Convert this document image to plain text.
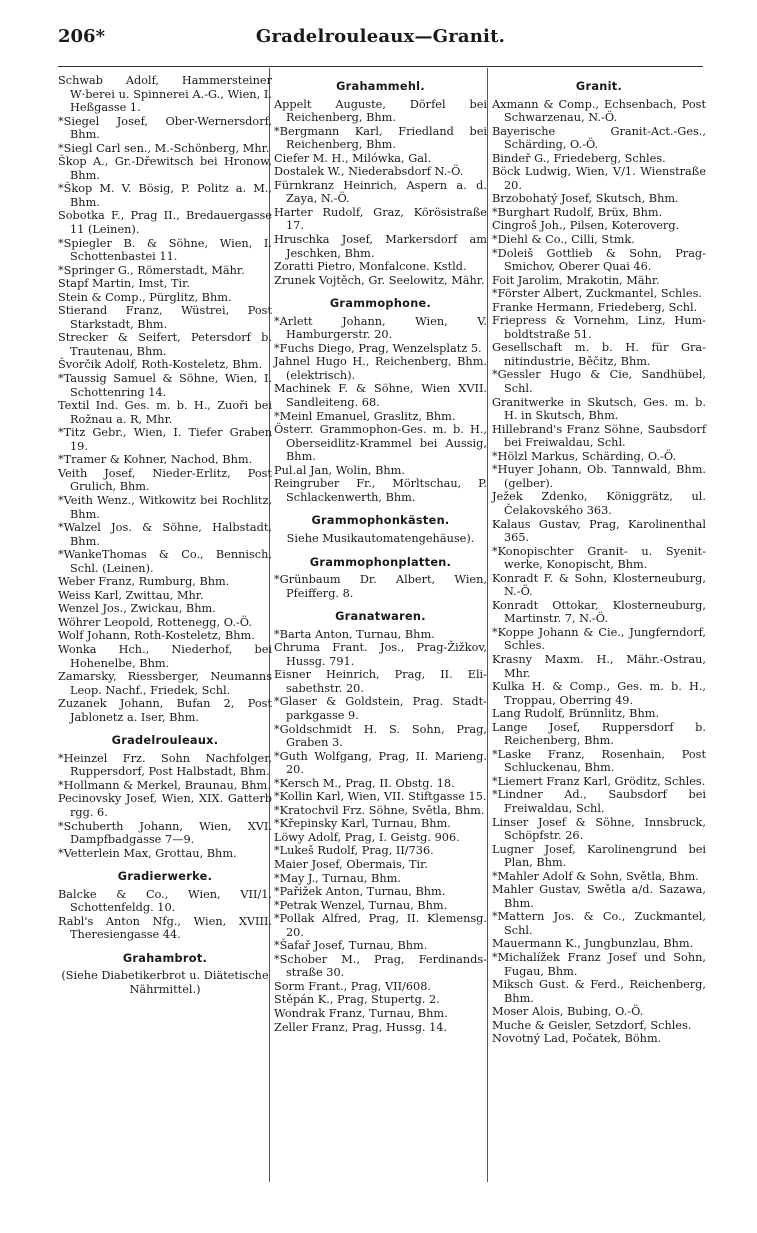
206*	Gradelrouleaux—Granit.

Schwab Adolf, Hammersteiner W·berei u. Spinnerei A.-G., Wien, I. Heßgasse 1.

*Siegel Josef, Ober-Wernersdorf, Bhm.

*Siegl Carl sen., M.-Schönberg, Mhr.

Škop A., Gr.-Dřewitsch bei Hronow, Bhm.

*Škop M. V. Bösig, P. Politz a. M., Bhm.

Sobotka F., Prag II., Bredauergasse 11 (Leinen).

*Spiegler B. & Söhne, Wien, I. Schottenbastei 11.

*Springer G., Römerstadt, Mähr.

Stapf Martin, Imst, Tir.

Stein & Comp., Pürglitz, Bhm.

Stierand Franz, Wüstrei, Post Starkstadt, Bhm.

Strecker & Seifert, Petersdorf b. Trautenau, Bhm.

Švorčik Adolf, Roth-Kosteletz, Bhm.

*Taussig Samuel & Söhne, Wien, I. Schottenring 14.

Textil Ind. Ges. m. b. H., Zuoři bei Rožnau a. R, Mhr.

*Titz Gebr., Wien, I. Tiefer Graben 19.

*Tramer & Kohner, Nachod, Bhm.

Veith Josef, Nieder-Erlitz, Post Grulich, Bhm.

*Veith Wenz., Witkowitz bei Rochlitz, Bhm.

*Walzel Jos. & Söhne, Halbstadt, Bhm.

*WankeThomas & Co., Bennisch, Schl. (Leinen).

Weber Franz, Rumburg, Bhm.

Weiss Karl, Zwittau, Mhr.

Wenzel Jos., Zwickau, Bhm.

Wöhrer Leopold, Rottenegg, O.-Ö.

Wolf Johann, Roth-Kosteletz, Bhm.

Wonka Hch., Niederhof, bei Hohenelbe, Bhm.

Zamarsky, Riessberger, Neumanns Leop. Nachf., Friedek, Schl.

Zuzanek Johann, Bufan 2, Post Jablonetz a. Iser, Bhm.

Gradelrouleaux.

*Heinzel Frz. Sohn Nachfolger, Ruppersdorf, Post Halbstadt, Bhm.

*Hollmann & Merkel, Braunau, Bhm.

Pecinovsky Josef, Wien, XIX. Gatterb rgg. 6.

*Schuberth Johann, Wien, XVI. Dampfbadgasse 7—9.

*Vetterlein Max, Grottau, Bhm.

Gradierwerke.

Balcke & Co., Wien, VII/1. Schottenfeldg. 10.

Rabl's Anton Nfg., Wien, XVIII. Theresiengasse 44.

Grahambrot.

(Siehe Diabetikerbrot u. Diätetische Nährmittel.)

Grahammehl.

Appelt Auguste, Dörfel bei Reichenberg, Bhm.

*Bergmann Karl, Friedland bei Reichenberg, Bhm.

Ciefer M. H., Milówka, Gal.

Dostalek W., Niederabsdorf N.-Ö.

Fürnkranz Heinrich, Aspern a. d. Zaya, N.-Ö.

Harter Rudolf, Graz, Körösistraße 17.

Hruschka Josef, Markersdorf am Jeschken, Bhm.

Zoratti Pietro, Monfalcone. Kstld.

Zrunek Vojtěch, Gr. Seelowitz, Mähr.

Grammophone.

*Arlett Johann, Wien, V. Hamburgerstr. 20.

*Fuchs Diego, Prag, Wenzelsplatz 5.

Jahnel Hugo H., Reichenberg, Bhm. (elektrisch).

Machinek F. & Söhne, Wien XVII. Sandleiteng. 68.

*Meinl Emanuel, Graslitz, Bhm.

Österr. Grammophon-Ges. m. b. H., Oberseidlitz-Krammel bei Aussig, Bhm.

Pul.al Jan, Wolin, Bhm.

Reingruber Fr., Mörltschau, P. Schlackenwerth, Bhm.

Grammophonkästen.

Siehe Musikautomatengehäuse).

Grammophonplatten.

*Grünbaum Dr. Albert, Wien, Pfeifferg. 8.

Granatwaren.

*Barta Anton, Turnau, Bhm.

Chruma Frant. Jos., Prag-Žižkov, Hussg. 791.

Eisner Heinrich, Prag, II. Elisabethstr. 20.

*Glaser & Goldstein, Prag. Stadtparkgasse 9.

*Goldschmidt H. S. Sohn, Prag, Graben 3.

*Guth Wolfgang, Prag, II. Marieng. 20.

*Kersch M., Prag, II. Obstg. 18.

*Kollin Karl, Wien, VII. Stiftgasse 15.

*Kratochvil Frz. Söhne, Světla, Bhm.

*Křepinsky Karl, Turnau, Bhm.

Löwy Adolf, Prag, I. Geistg. 906.

*Lukeš Rudolf, Prag, II/736.

Maier Josef, Obermais, Tir.

*May J., Turnau, Bhm.

*Pařižek Anton, Turnau, Bhm.

*Petrak Wenzel, Turnau, Bhm.

*Pollak Alfred, Prag, II. Klemensg. 20.

*Šafař Josef, Turnau, Bhm.

*Schober M., Prag, Ferdinandsstraße 30.

Sorm Frant., Prag, VII/608.

Stěpán K., Prag, Stupertg. 2.

Wondrak Franz, Turnau, Bhm.

Zeller Franz, Prag, Hussg. 14.

Granit.

Axmann & Comp., Echsenbach, Post Schwarzenau, N.-Ö.

Bayerische Granit-Act.-Ges., Schärding, O.-Ö.

Bindeř G., Friedeberg, Schles.

Böck Ludwig, Wien, V/1. Wienstraße 20.

Brzobohatý Josef, Skutsch, Bhm.

*Burghart Rudolf, Brüx, Bhm.

Cingroš Joh., Pilsen, Koteroverg.

*Diehl & Co., Cilli, Stmk.

*Doleiš Gottlieb & Sohn, PragSmichov, Oberer Quai 46.

Foit Jarolim, Mrakotin, Mähr.

*Förster Albert, Zuckmantel, Schles.

Franke Hermann, Friedeberg, Schl.

Friepress & Vornehm, Linz, Humboldtstraße 51.

Gesellschaft m. b. H. für Granitindustrie, Běčitz, Bhm.

*Gessler Hugo & Cie, Sandhübel, Schl.

Granitwerke in Skutsch, Ges. m. b. H. in Skutsch, Bhm.

Hillebrand's Franz Söhne, Saubsdorf bei Freiwaldau, Schl.

*Hölzl Markus, Schärding, O.-Ö.

*Huyer Johann, Ob. Tannwald, Bhm. (gelber).

Ježek Zdenko, Königgrätz, ul. Čelakovského 363.

Kalaus Gustav, Prag, Karolinenthal 365.

*Konopischter Granit- u. Syenitwerke, Konopischt, Bhm.

Konradt F. & Sohn, Klosterneuburg, N.-Ö.

Konradt Ottokar, Klosterneuburg, Martinstr. 7, N.-Ö.

*Koppe Johann & Cie., Jungferndorf, Schles.

Krasny Maxm. H., Mähr.-Ostrau, Mhr.

Kulka H. & Comp., Ges. m. b. H., Troppau, Oberring 49.

Lang Rudolf, Brünnlitz, Bhm.

Lange Josef, Ruppersdorf b. Reichenberg, Bhm.

*Laske Franz, Rosenhain, Post Schluckenau, Bhm.

*Liemert Franz Karl, Gröditz, Schles.

*Lindner Ad., Saubsdorf bei Freiwaldau, Schl.

Linser Josef & Söhne, Innsbruck, Schöpfstr. 26.

Lugner Josef, Karolinengrund bei Plan, Bhm.

*Mahler Adolf & Sohn, Světla, Bhm.

Mahler Gustav, Swětla a/d. Sazawa, Bhm.

*Mattern Jos. & Co., Zuckmantel, Schl.

Mauermann K., Jungbunzlau, Bhm.

*Michalížek Franz Josef und Sohn, Fugau, Bhm.

Miksch Gust. & Ferd., Reichenberg, Bhm.

Moser Alois, Bubing, O.-Ö.

Muche & Geisler, Setzdorf, Schles.

Novotný Lad, Počatek, Böhm.
